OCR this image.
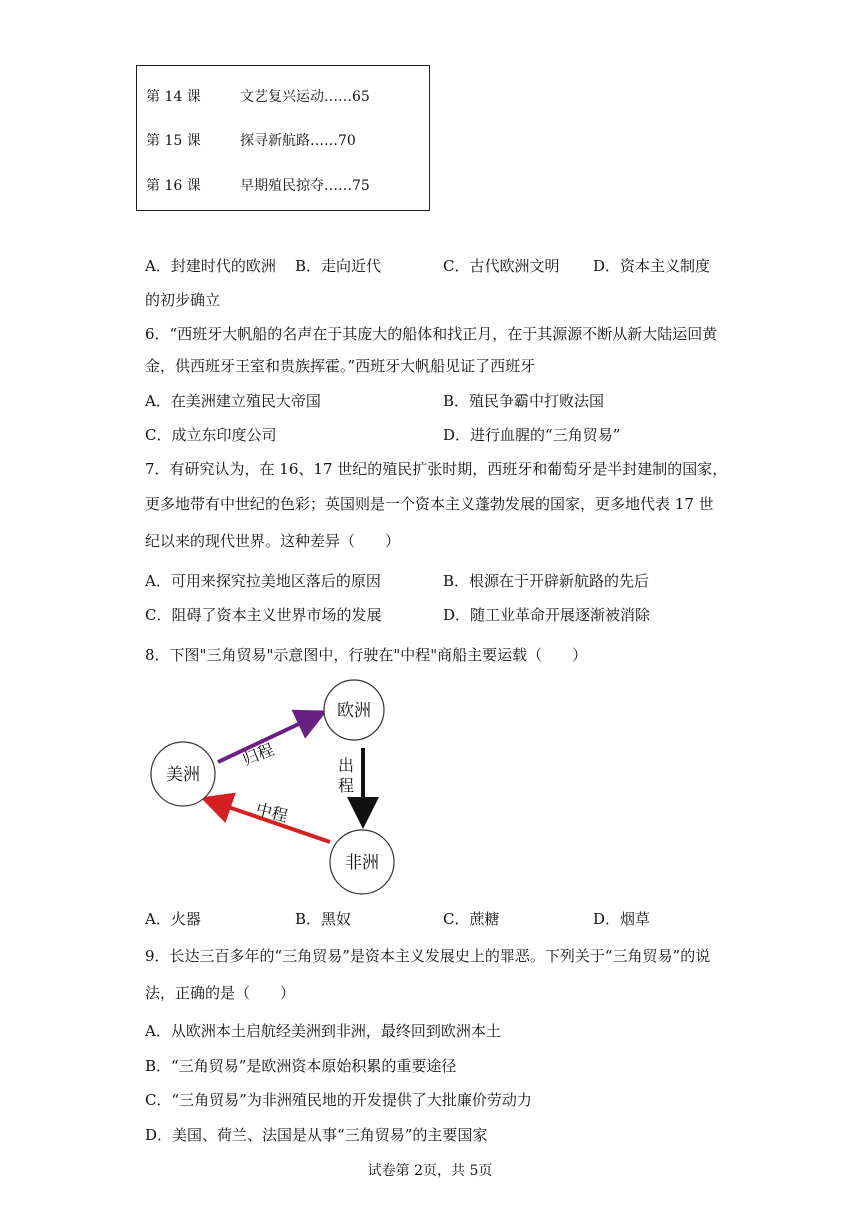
第 14 课	文艺复兴运动……65
第 15 课	探寻新航路……70
第 16 课	早期殖民掠夺……75
A．封建时代的欧洲 B．走向近代	C．古代欧洲文明 D．资本主义制度
的初步确立
6．“西班牙大帆船的名声在于其庞大的船体和找正月，在于其源源不断从新大陆运回黄
金，供西班牙王室和贵族挥霍。”西班牙大帆船见证了西班牙
A．在美洲建立殖民大帝国	B．殖民争霸中打败法国
C．成立东印度公司	D．进行血腥的“三角贸易”
7．有研究认为，在 16、17 世纪的殖民扩张时期，西班牙和葡萄牙是半封建制的国家，
更多地带有中世纪的色彩；英国则是一个资本主义蓬勃发展的国家，更多地代表 17 世
纪以来的现代世界。这种差异（　　）
A．可用来探究拉美地区落后的原因	B．根源在于开辟新航路的先后
C．阻碍了资本主义世界市场的发展	D．随工业革命开展逐渐被消除
8．下图"三角贸易"示意图中，行驶在"中程"商船主要运载（　　）
欧洲
美洲
非洲
归程
中程
出程
A．火器	B．黑奴	C．蔗糖	D．烟草
9．长达三百多年的“三角贸易”是资本主义发展史上的罪恶。下列关于“三角贸易”的说
法，正确的是（　　）
A．从欧洲本土启航经美洲到非洲，最终回到欧洲本土
B．“三角贸易”是欧洲资本原始积累的重要途径
C．“三角贸易”为非洲殖民地的开发提供了大批廉价劳动力
D．美国、荷兰、法国是从事“三角贸易”的主要国家
试卷第 2页，共 5页
